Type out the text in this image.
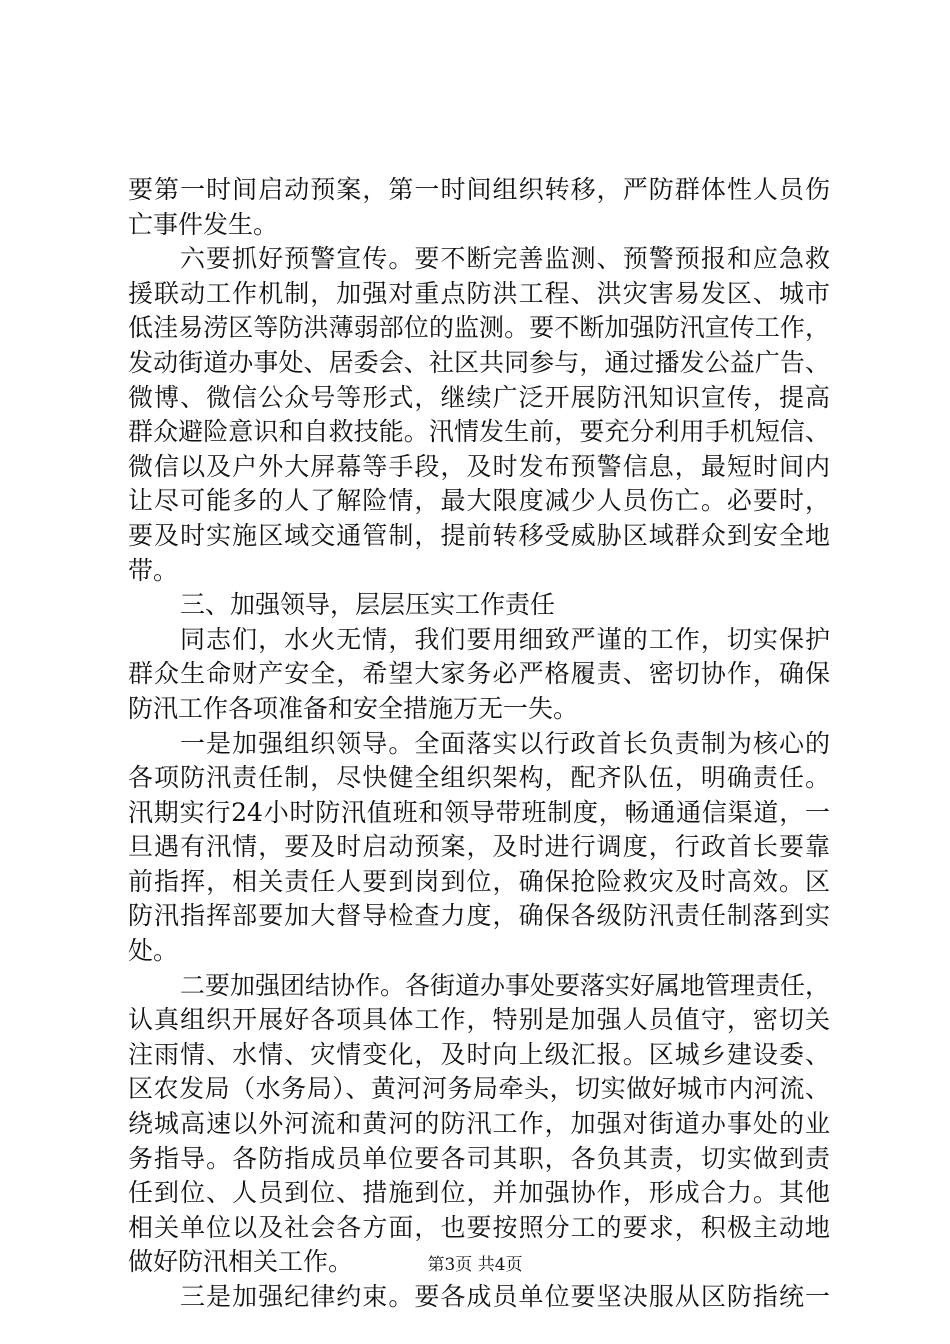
要第一时间启动预案，第一时间组织转移，严防群体性人员伤
亡事件发生。
六要抓好预警宣传。要不断完善监测、预警预报和应急救
援联动工作机制，加强对重点防洪工程、洪灾害易发区、城市
低洼易涝区等防洪薄弱部位的监测。要不断加强防汛宣传工作，
发动街道办事处、居委会、社区共同参与，通过播发公益广告、
微博、微信公众号等形式，继续广泛开展防汛知识宣传，提高
群众避险意识和自救技能。汛情发生前，要充分利用手机短信、
微信以及户外大屏幕等手段，及时发布预警信息，最短时间内
让尽可能多的人了解险情，最大限度减少人员伤亡。必要时，
要及时实施区域交通管制，提前转移受威胁区域群众到安全地
带。
三、加强领导，层层压实工作责任
同志们，水火无情，我们要用细致严谨的工作，切实保护
群众生命财产安全，希望大家务必严格履责、密切协作，确保
防汛工作各项准备和安全措施万无一失。
一是加强组织领导。全面落实以行政首长负责制为核心的
各项防汛责任制，尽快健全组织架构，配齐队伍，明确责任。
汛期实行24小时防汛值班和领导带班制度，畅通通信渠道，一
旦遇有汛情，要及时启动预案，及时进行调度，行政首长要靠
前指挥，相关责任人要到岗到位，确保抢险救灾及时高效。区
防汛指挥部要加大督导检查力度，确保各级防汛责任制落到实
处。
二要加强团结协作。各街道办事处要落实好属地管理责任，
认真组织开展好各项具体工作，特别是加强人员值守，密切关
注雨情、水情、灾情变化，及时向上级汇报。区城乡建设委、
区农发局（水务局）、黄河河务局牵头，切实做好城市内河流、
绕城高速以外河流和黄河的防汛工作，加强对街道办事处的业
务指导。各防指成员单位要各司其职，各负其责，切实做到责
任到位、人员到位、措施到位，并加强协作，形成合力。其他
相关单位以及社会各方面，也要按照分工的要求，积极主动地
做好防汛相关工作。
三是加强纪律约束。要各成员单位要坚决服从区防指统一
第3页 共4页
